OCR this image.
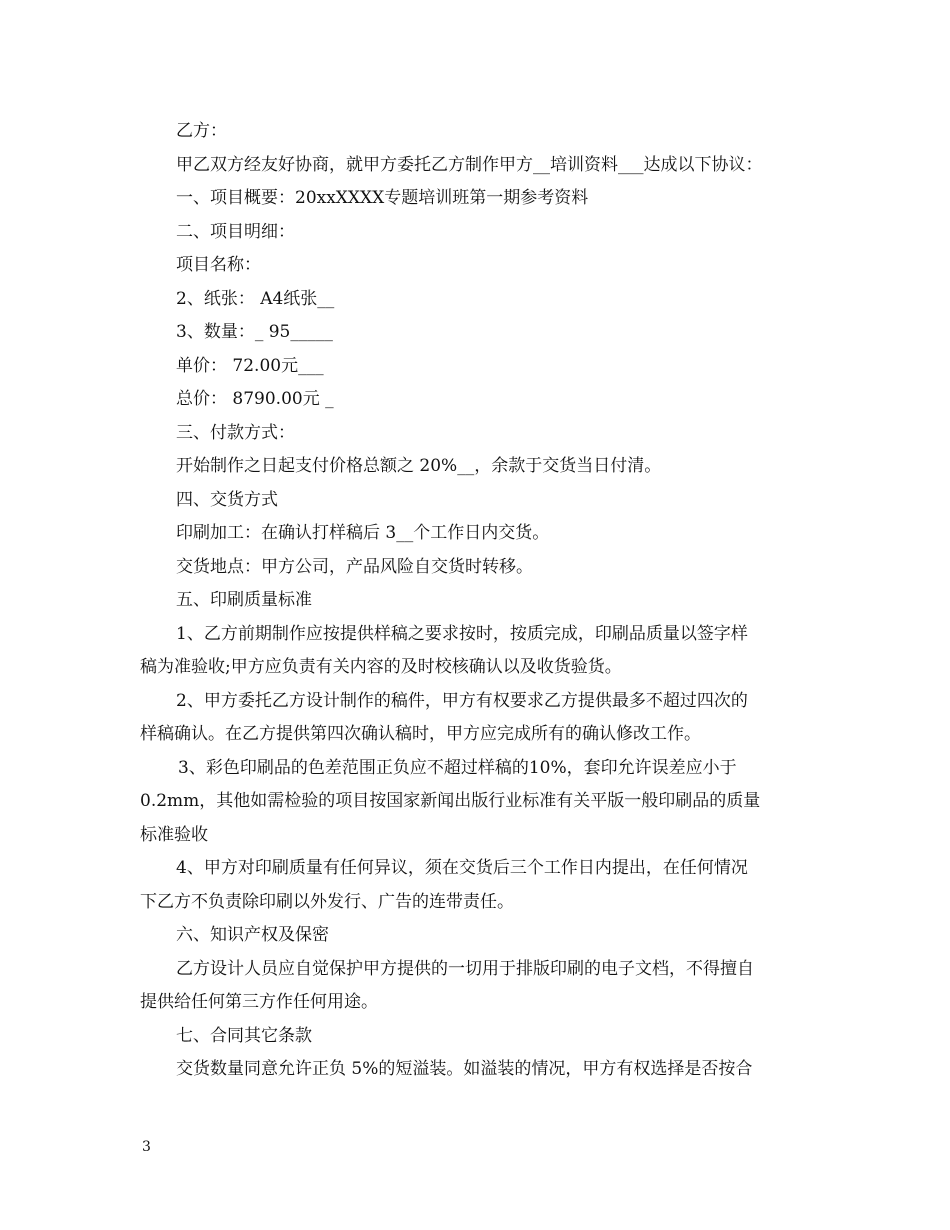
乙方：
甲乙双方经友好协商，就甲方委托乙方制作甲方__培训资料___达成以下协议：
一、项目概要：20xxXXXX专题培训班第一期参考资料
二、项目明细：
项目名称：
2、纸张： A4纸张__
3、数量：_ 95_____
单价： 72.00元___
总价： 8790.00元 _
三、付款方式：
开始制作之日起支付价格总额之 20%__，余款于交货当日付清。
四、交货方式
印刷加工：在确认打样稿后 3__个工作日内交货。
交货地点：甲方公司，产品风险自交货时转移。
五、印刷质量标准
1、乙方前期制作应按提供样稿之要求按时，按质完成，印刷品质量以签字样
稿为准验收;甲方应负责有关内容的及时校核确认以及收货验货。
2、甲方委托乙方设计制作的稿件，甲方有权要求乙方提供最多不超过四次的
样稿确认。在乙方提供第四次确认稿时，甲方应完成所有的确认修改工作。
3、彩色印刷品的色差范围正负应不超过样稿的10%，套印允许误差应小于
0.2mm，其他如需检验的项目按国家新闻出版行业标准有关平版一般印刷品的质量
标准验收
4、甲方对印刷质量有任何异议，须在交货后三个工作日内提出，在任何情况
下乙方不负责除印刷以外发行、广告的连带责任。
六、知识产权及保密
乙方设计人员应自觉保护甲方提供的一切用于排版印刷的电子文档，不得擅自
提供给任何第三方作任何用途。
七、合同其它条款
交货数量同意允许正负 5%的短溢装。如溢装的情况，甲方有权选择是否按合
3
